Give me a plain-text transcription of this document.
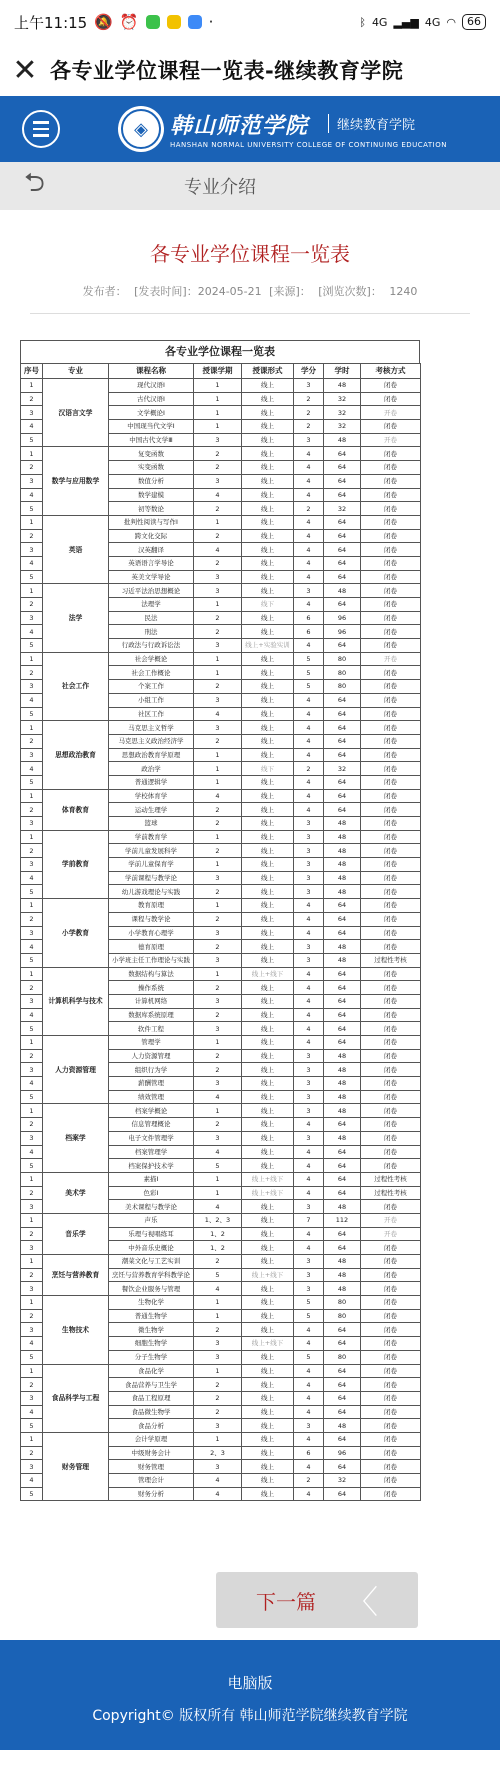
上午11:15 🔕 ⏰	·	ᛒ 4G ▂▄▆ 4G ◠	66
✕ 各专业学位课程一览表-继续教育学院
◈	韩山师范学院
HANSHAN NORMAL UNIVERSITY COLLEGE OF CONTINUING EDUCATION
继续教育学院
⮌	专业介绍
各专业学位课程一览表
发布者： [发表时间]：2024-05-21 [来源]： [浏览次数]： 1240
各专业学位课程一览表
序号	专业	课程名称	授课学期	授课形式	学分	学时	考核方式
1	汉语言文学	现代汉语Ⅰ	1	线上	3	48	闭卷
2		古代汉语Ⅰ	1	线上	2	32	闭卷
3		文学概论Ⅰ	1	线上	2	32	开卷
4		中国现当代文学Ⅰ	1	线上	2	32	闭卷
5		中国古代文学Ⅲ	3	线上	3	48	开卷
1	数学与应用数学	复变函数	2	线上	4	64	闭卷
2		实变函数	2	线上	4	64	闭卷
3		数值分析	3	线上	4	64	闭卷
4		数学建模	4	线上	4	64	闭卷
5		初等数论	2	线上	2	32	闭卷
1	英语	批判性阅读与写作Ⅰ	1	线上	4	64	闭卷
2		跨文化交际	2	线上	4	64	闭卷
3		汉英翻译	4	线上	4	64	闭卷
4		英语语言学导论	2	线上	4	64	闭卷
5		英美文学导论	3	线上	4	64	闭卷
1	法学	习近平法治思想概论	3	线上	3	48	闭卷
2		法理学	1	线下	4	64	闭卷
3		民法	2	线上	6	96	闭卷
4		刑法	2	线上	6	96	闭卷
5		行政法与行政诉讼法	3	线上+实验实训	4	64	闭卷
1	社会工作	社会学概论	1	线上	5	80	开卷
2		社会工作概论	1	线上	5	80	闭卷
3		个案工作	2	线上	5	80	闭卷
4		小组工作	3	线上	4	64	闭卷
5		社区工作	4	线上	4	64	闭卷
1	思想政治教育	马克思主义哲学	3	线上	4	64	闭卷
2		马克思主义政治经济学	2	线上	4	64	闭卷
3		思想政治教育学原理	1	线上	4	64	闭卷
4		政治学	1	线下	2	32	闭卷
5		普通逻辑学	1	线上	4	64	闭卷
1	体育教育	学校体育学	4	线上	4	64	闭卷
2		运动生理学	2	线上	4	64	闭卷
3		篮球	2	线上	3	48	闭卷
1	学前教育	学前教育学	1	线上	3	48	闭卷
2		学前儿童发展科学	2	线上	3	48	闭卷
3		学前儿童保育学	1	线上	3	48	闭卷
4		学前课程与教学论	3	线上	3	48	闭卷
5		幼儿游戏理论与实践	2	线上	3	48	闭卷
1	小学教育	教育原理	1	线上	4	64	闭卷
2		课程与教学论	2	线上	4	64	闭卷
3		小学教育心理学	3	线上	4	64	闭卷
4		德育原理	2	线上	3	48	闭卷
5		小学班主任工作理论与实践	3	线上	3	48	过程性考核
1	计算机科学与技术	数据结构与算法	1	线上+线下	4	64	闭卷
2		操作系统	2	线上	4	64	闭卷
3		计算机网络	3	线上	4	64	闭卷
4		数据库系统原理	2	线上	4	64	闭卷
5		软件工程	3	线上	4	64	闭卷
1	人力资源管理	管理学	1	线上	4	64	闭卷
2		人力资源管理	2	线上	3	48	闭卷
3		组织行为学	2	线上	3	48	闭卷
4		薪酬管理	3	线上	3	48	闭卷
5		绩效管理	4	线上	3	48	闭卷
1	档案学	档案学概论	1	线上	3	48	闭卷
2		信息管理概论	2	线上	4	64	闭卷
3		电子文件管理学	3	线上	3	48	闭卷
4		档案管理学	4	线上	4	64	闭卷
5		档案保护技术学	5	线上	4	64	闭卷
1	美术学	素描Ⅰ	1	线上+线下	4	64	过程性考核
2		色彩Ⅰ	1	线上+线下	4	64	过程性考核
3		美术课程与教学论	4	线上	3	48	闭卷
1	音乐学	声乐	1、2、3	线上	7	112	开卷
2		乐理与视唱练耳	1、2	线上	4	64	开卷
3		中外音乐史概论	1、2	线上	4	64	闭卷
1	烹饪与营养教育	潮菜文化与工艺实训	2	线上	3	48	闭卷
2		烹饪与营养教育学科教学论	5	线上+线下	3	48	闭卷
3		餐饮企业服务与管理	4	线上	3	48	闭卷
1	生物技术	生物化学	1	线上	5	80	闭卷
2		普通生物学	1	线上	5	80	闭卷
3		微生物学	2	线上	4	64	闭卷
4		细胞生物学	3	线上+线下	4	64	闭卷
5		分子生物学	3	线上	5	80	闭卷
1	食品科学与工程	食品化学	1	线上	4	64	闭卷
2		食品营养与卫生学	2	线上	4	64	闭卷
3		食品工程原理	2	线上	4	64	闭卷
4		食品微生物学	2	线上	4	64	闭卷
5		食品分析	3	线上	3	48	闭卷
1	财务管理	会计学原理	1	线上	4	64	闭卷
2		中级财务会计	2、3	线上	6	96	闭卷
3		财务管理	3	线上	4	64	闭卷
4		管理会计	4	线上	2	32	闭卷
5		财务分析	4	线上	4	64	闭卷
下一篇 〈
电脑版
Copyright© 版权所有 韩山师范学院继续教育学院
